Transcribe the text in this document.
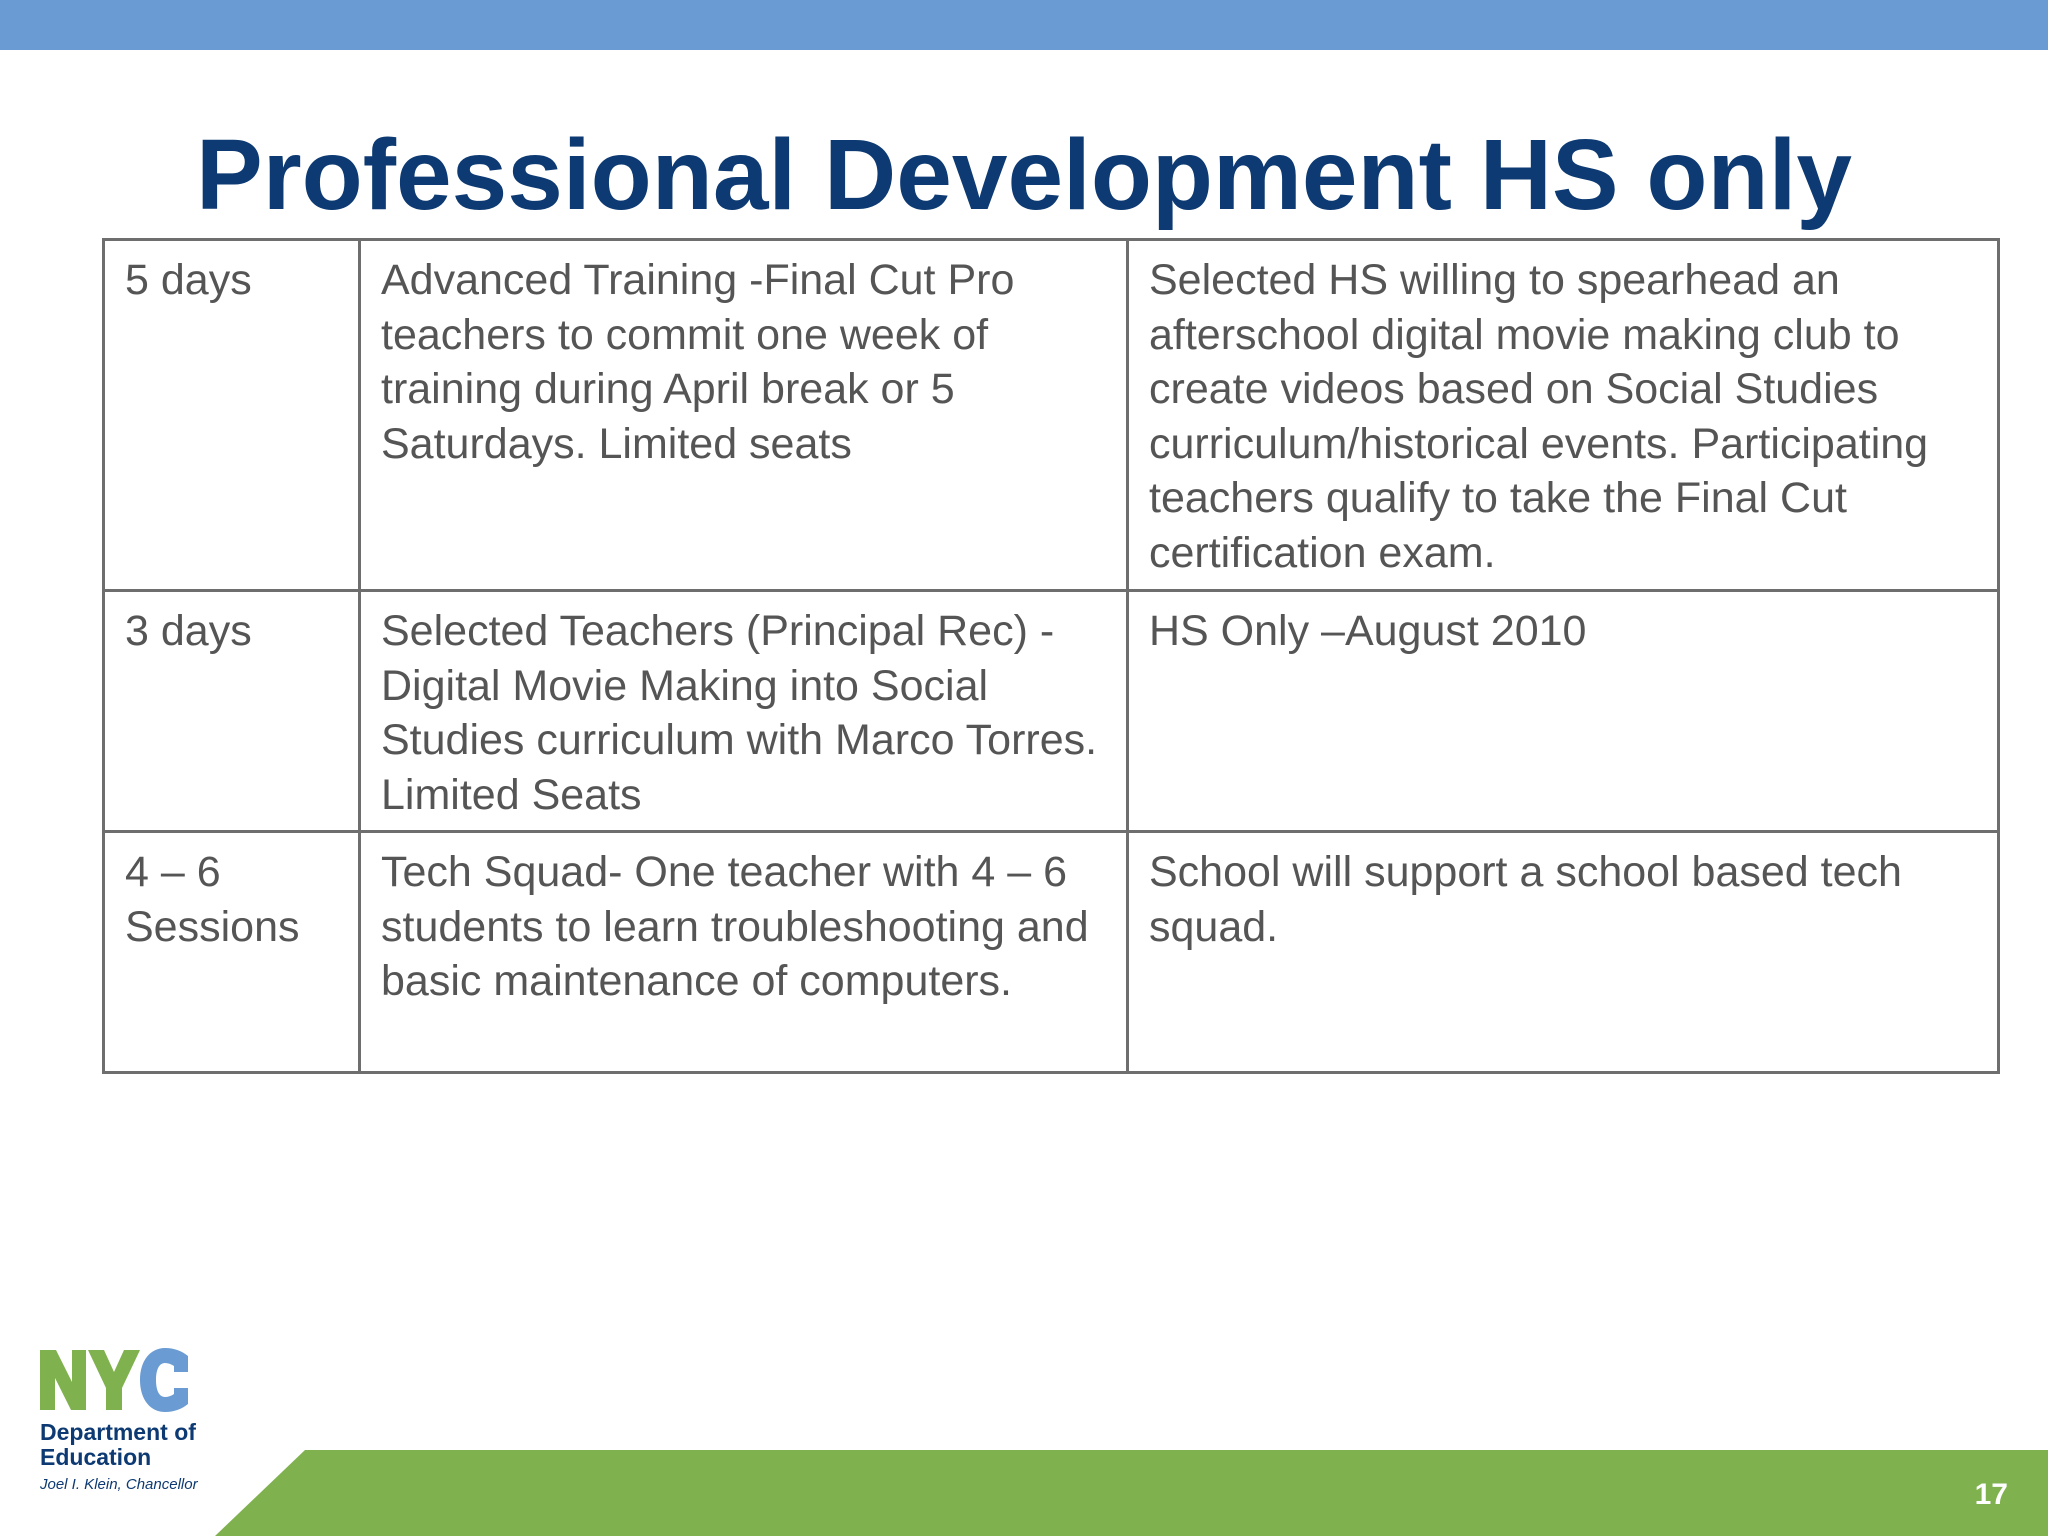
Professional Development HS only
5 days	Advanced Training -Final Cut Pro teachers to commit one week of training during April break or 5 Saturdays. Limited seats	Selected HS willing to spearhead an afterschool digital movie making club to create videos based on Social Studies curriculum/historical events. Participating teachers qualify to take the Final Cut certification exam.
3 days	Selected Teachers (Principal Rec) -Digital Movie Making into Social Studies curriculum with Marco Torres. Limited Seats	HS Only –August 2010
4 – 6 Sessions	Tech Squad- One teacher with 4 – 6 students to learn troubleshooting and basic maintenance of computers.	School will support a school based tech squad.
Department of Education
Joel I. Klein, Chancellor	17
